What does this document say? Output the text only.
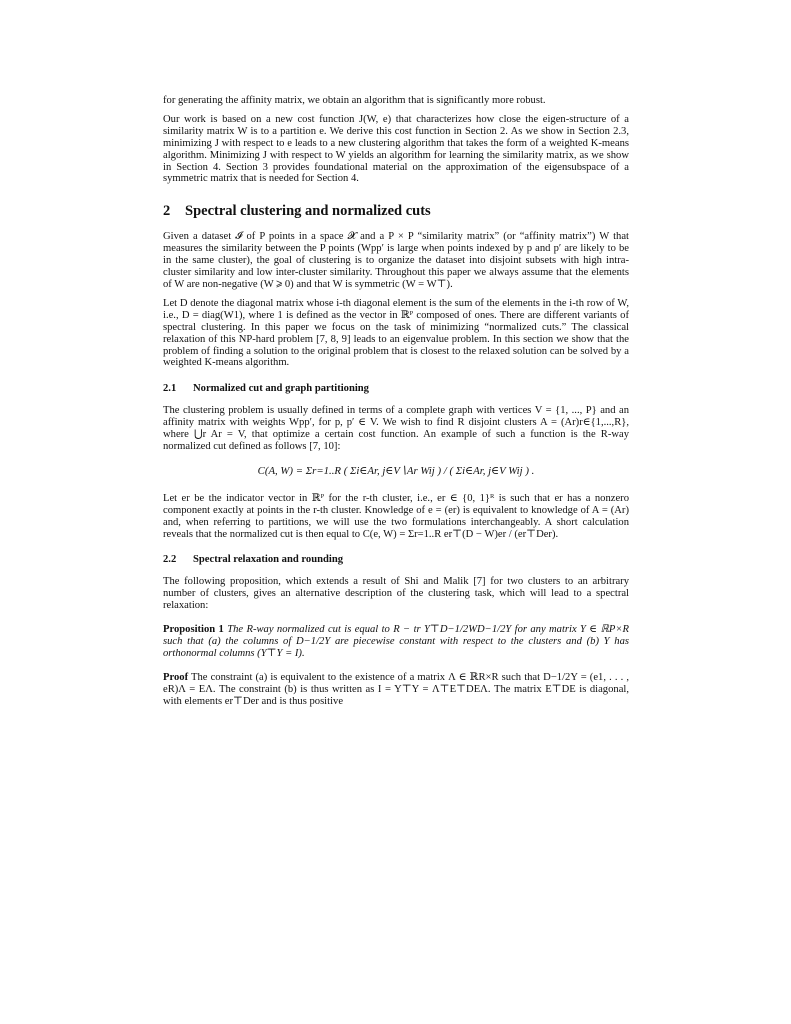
for generating the affinity matrix, we obtain an algorithm that is significantly more robust.

Our work is based on a new cost function J(W, e) that characterizes how close the eigen-structure of a similarity matrix W is to a partition e. We derive this cost function in Section 2. As we show in Section 2.3, minimizing J with respect to e leads to a new clustering algorithm that takes the form of a weighted K-means algorithm. Minimizing J with respect to W yields an algorithm for learning the similarity matrix, as we show in Section 4. Section 3 provides foundational material on the approximation of the eigensubspace of a symmetric matrix that is needed for Section 4.

2 Spectral clustering and normalized cuts

Given a dataset 𝓘 of P points in a space 𝓧 and a P × P “similarity matrix” (or “affinity matrix”) W that measures the similarity between the P points (Wpp′ is large when points indexed by p and p′ are likely to be in the same cluster), the goal of clustering is to organize the dataset into disjoint subsets with high intra-cluster similarity and low inter-cluster similarity. Throughout this paper we always assume that the elements of W are non-negative (W ⩾ 0) and that W is symmetric (W = W⊤).

Let D denote the diagonal matrix whose i-th diagonal element is the sum of the elements in the i-th row of W, i.e., D = diag(W1), where 1 is defined as the vector in ℝᴾ composed of ones. There are different variants of spectral clustering. In this paper we focus on the task of minimizing “normalized cuts.” The classical relaxation of this NP-hard problem [7, 8, 9] leads to an eigenvalue problem. In this section we show that the problem of finding a solution to the original problem that is closest to the relaxed solution can be solved by a weighted K-means algorithm.

2.1 Normalized cut and graph partitioning

The clustering problem is usually defined in terms of a complete graph with vertices V = {1, ..., P} and an affinity matrix with weights Wpp′, for p, p′ ∈ V. We wish to find R disjoint clusters A = (Ar)r∈{1,...,R}, where ⋃r Ar = V, that optimize a certain cost function. An example of such a function is the R-way normalized cut defined as follows [7, 10]:

C(A, W) = Σr=1..R ( Σi∈Ar, j∈V∖Ar Wij ) / ( Σi∈Ar, j∈V Wij ) .

Let er be the indicator vector in ℝᴾ for the r-th cluster, i.e., er ∈ {0, 1}ᴿ is such that er has a nonzero component exactly at points in the r-th cluster. Knowledge of e = (er) is equivalent to knowledge of A = (Ar) and, when referring to partitions, we will use the two formulations interchangeably. A short calculation reveals that the normalized cut is then equal to C(e, W) = Σr=1..R er⊤(D − W)er / (er⊤Der).

2.2 Spectral relaxation and rounding

The following proposition, which extends a result of Shi and Malik [7] for two clusters to an arbitrary number of clusters, gives an alternative description of the clustering task, which will lead to a spectral relaxation:

Proposition 1 The R-way normalized cut is equal to R − tr Y⊤D−1/2WD−1/2Y for any matrix Y ∈ ℝP×R such that (a) the columns of D−1/2Y are piecewise constant with respect to the clusters and (b) Y has orthonormal columns (Y⊤Y = I).

Proof The constraint (a) is equivalent to the existence of a matrix Λ ∈ ℝR×R such that D−1/2Y = (e1, . . . , eR)Λ = EΛ. The constraint (b) is thus written as I = Y⊤Y = Λ⊤E⊤DEΛ. The matrix E⊤DE is diagonal, with elements er⊤Der and is thus positive
